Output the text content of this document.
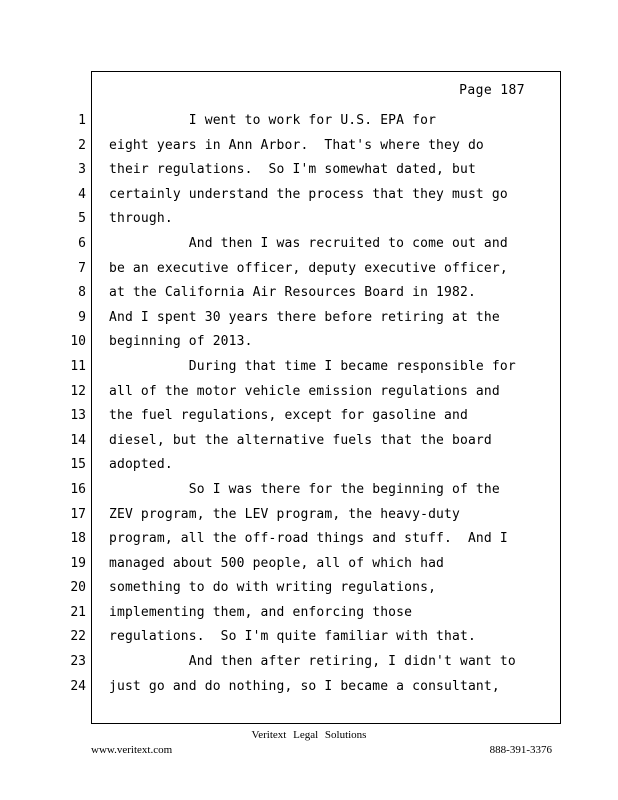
Page 187
1
2
3
4
5
6
7
8
9
10
11
12
13
14
15
16
17
18
19
20
21
22
23
24
I went to work for U.S. EPA for
eight years in Ann Arbor.  That's where they do
their regulations.  So I'm somewhat dated, but
certainly understand the process that they must go
through.
And then I was recruited to come out and
be an executive officer, deputy executive officer,
at the California Air Resources Board in 1982.
And I spent 30 years there before retiring at the
beginning of 2013.
During that time I became responsible for
all of the motor vehicle emission regulations and
the fuel regulations, except for gasoline and
diesel, but the alternative fuels that the board
adopted.
So I was there for the beginning of the
ZEV program, the LEV program, the heavy-duty
program, all the off-road things and stuff.  And I
managed about 500 people, all of which had
something to do with writing regulations,
implementing them, and enforcing those
regulations.  So I'm quite familiar with that.
And then after retiring, I didn't want to
just go and do nothing, so I became a consultant,
Veritext Legal Solutions
www.veritext.com	888-391-3376
